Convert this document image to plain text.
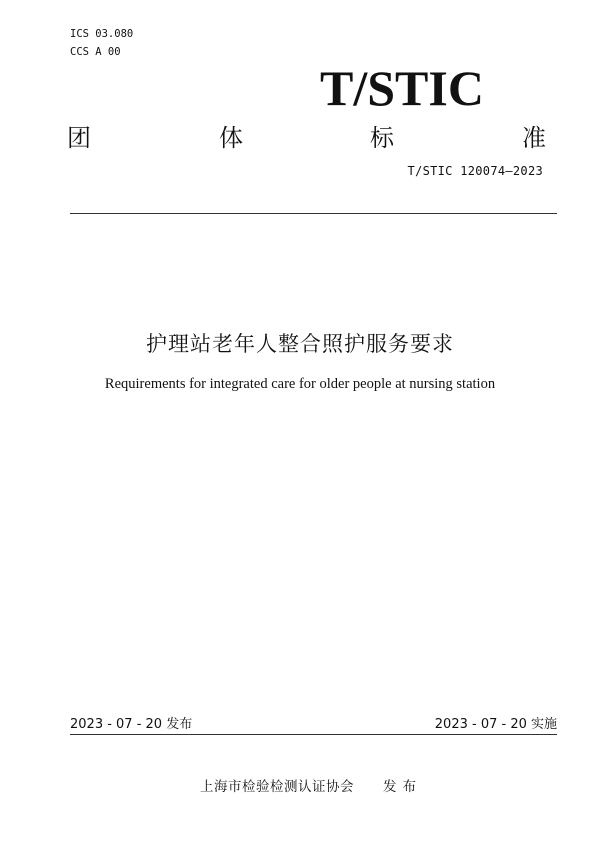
ICS 03.080
CCS A 00
T/STIC
团	体	标	准
T/STIC 120074—2023
护理站老年人整合照护服务要求
Requirements for integrated care for older people at nursing station
2023 - 07 - 20 发布	2023 - 07 - 20 实施
上海市检验检测认证协会 发布
